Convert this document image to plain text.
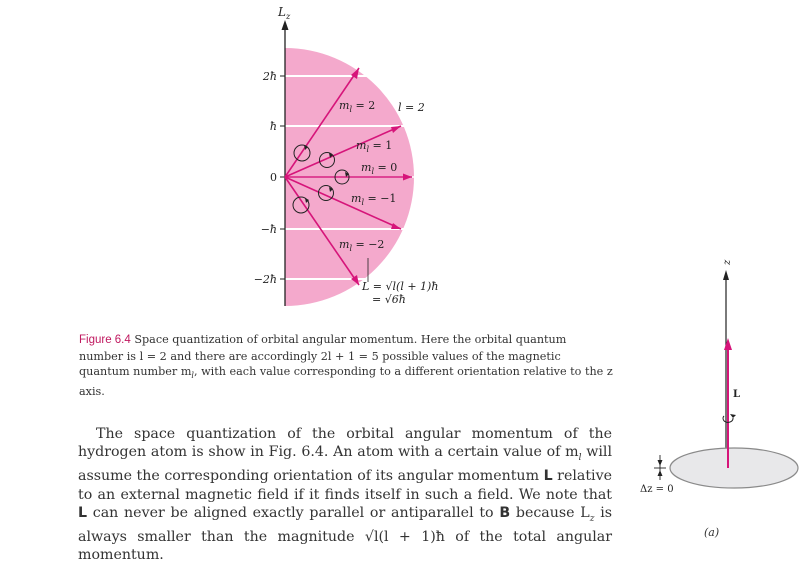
$L_z$
2ħ
ħ
0
−ħ
−2ħ
$m_l = 2$ l = 2
$m_l = 1$
$m_l = 0$
$m_l = -1$
$m_l = -2$
L = √l(l + 1)ħ
= √6ħ
Figure 6.4 Space quantization of orbital angular momentum. Here the orbital quantum number is l = 2 and there are accordingly 2l + 1 = 5 possible values of the magnetic quantum number $m_l$, with each value corresponding to a different orientation relative to the z axis.

The space quantization of the orbital angular momentum of the hydrogen atom is show in Fig. 6.4. An atom with a certain value of $m_l$ will assume the corresponding orientation of its angular momentum L relative to an external magnetic field if it finds itself in such a field. We note that L can never be aligned exactly parallel or antiparallel to B because $L_z$ is always smaller than the magnitude √l(l + 1)ħ of the total angular momentum.

z
L
Δz = 0
(a)
